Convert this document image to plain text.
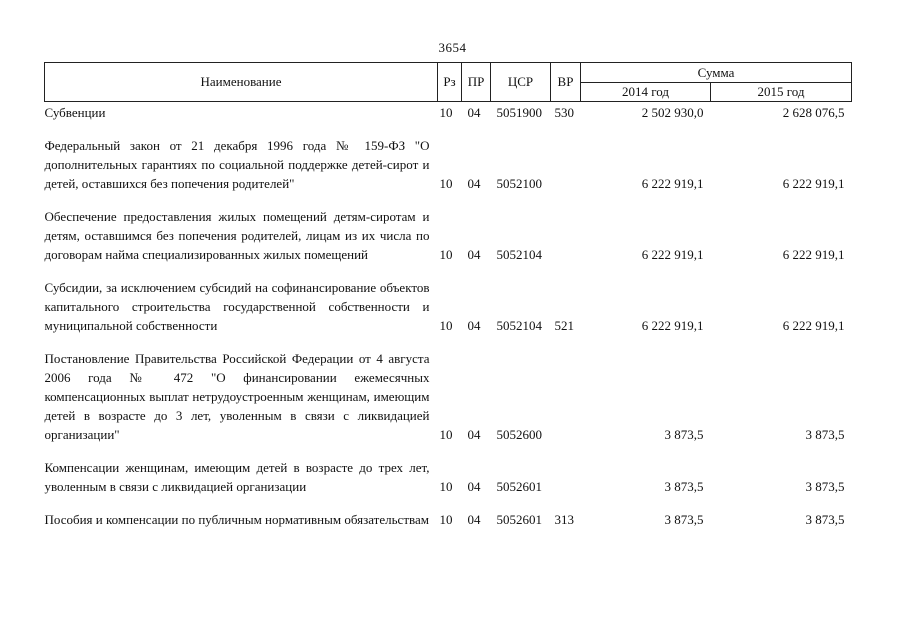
3654
Наименование	Рз	ПР	ЦСР	ВР	Сумма	
					2014 год	2015 год
Субвенции	10	04	5051900	530	2 502 930,0	2 628 076,5
Федеральный закон от 21 декабря 1996 года № 159-ФЗ "О дополнительных гарантиях по социальной поддержке детей-сирот и детей, оставшихся без попечения родителей"	10	04	5052100		6 222 919,1	6 222 919,1
Обеспечение предоставления жилых помещений детям-сиротам и детям, оставшимся без попечения родителей, лицам из их числа по договорам найма специализированных жилых помещений	10	04	5052104		6 222 919,1	6 222 919,1
Субсидии, за исключением субсидий на софинансирование объектов капитального строительства государственной собственности и муниципальной собственности	10	04	5052104	521	6 222 919,1	6 222 919,1
Постановление Правительства Российской Федерации от 4 августа 2006 года № 472 "О финансировании ежемесячных компенсационных выплат нетрудоустроенным женщинам, имеющим детей в возрасте до 3 лет, уволенным в связи с ликвидацией организации"	10	04	5052600		3 873,5	3 873,5
Компенсации женщинам, имеющим детей в возрасте до трех лет, уволенным в связи с ликвидацией организации	10	04	5052601		3 873,5	3 873,5
Пособия и компенсации по публичным нормативным обязательствам	10	04	5052601	313	3 873,5	3 873,5
